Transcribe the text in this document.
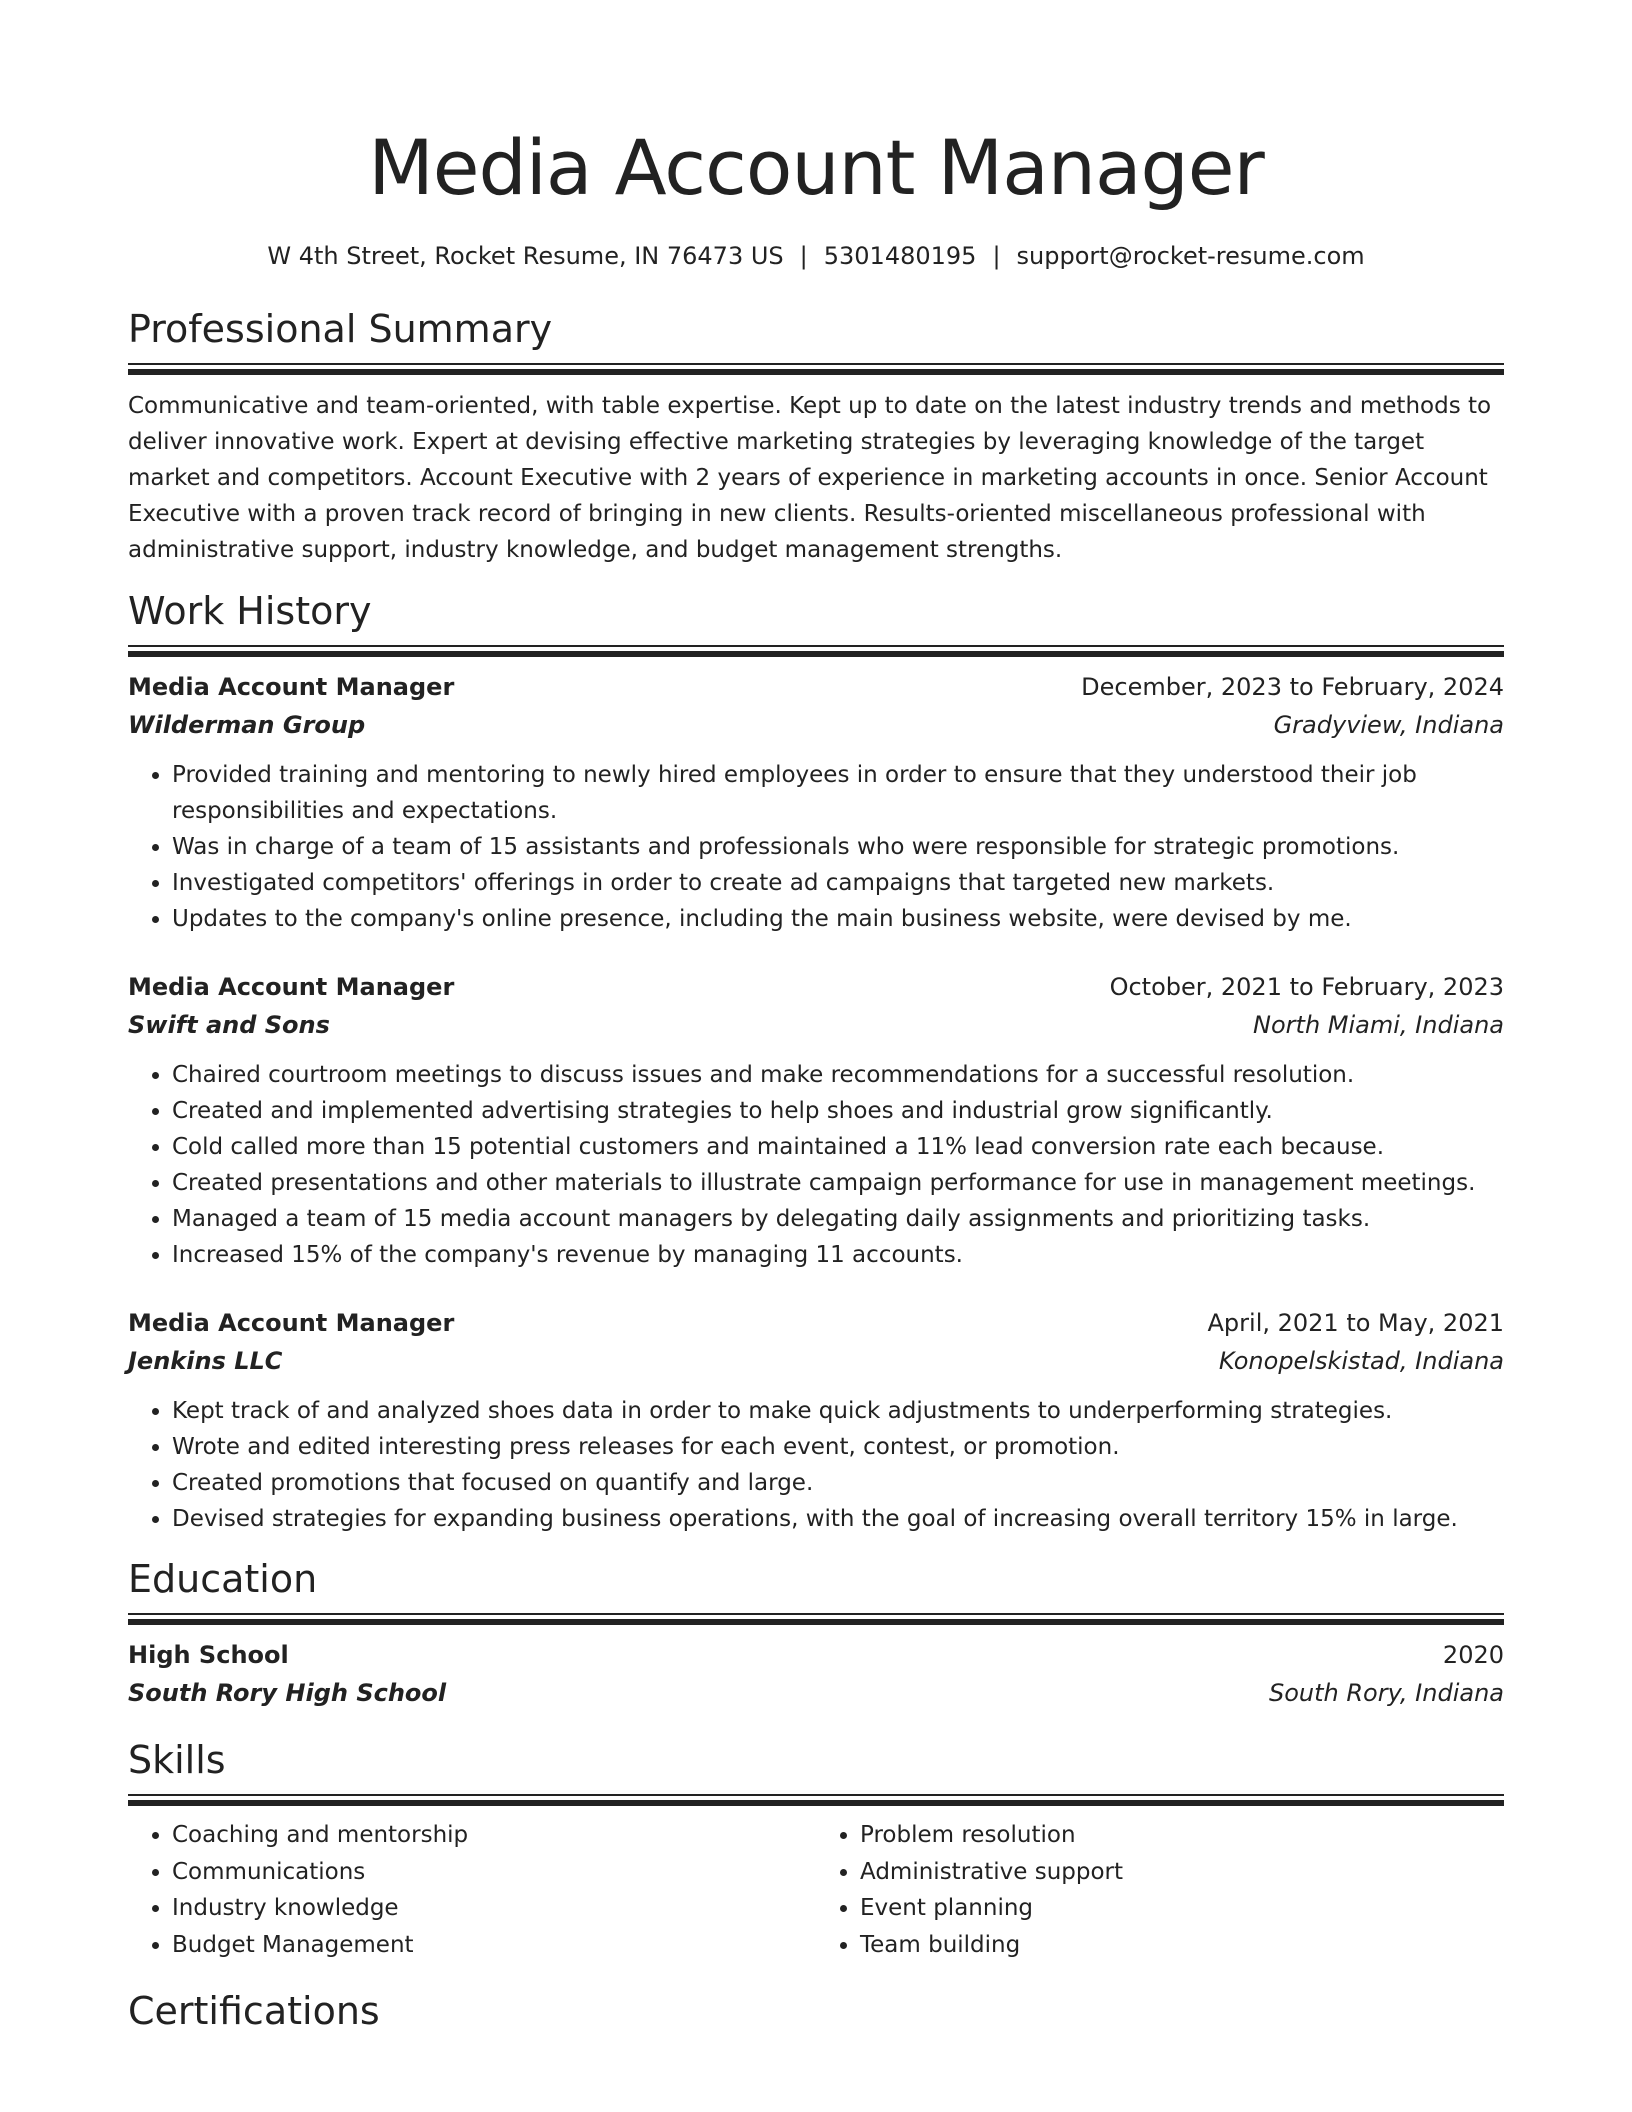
Media Account Manager
W 4th Street, Rocket Resume, IN 76473 US | 5301480195 | support@rocket-resume.com
Professional Summary

Communicative and team-oriented, with table expertise. Kept up to date on the latest industry trends and methods to deliver innovative work. Expert at devising effective marketing strategies by leveraging knowledge of the target market and competitors. Account Executive with 2 years of experience in marketing accounts in once. Senior Account Executive with a proven track record of bringing in new clients. Results-oriented miscellaneous professional with administrative support, industry knowledge, and budget management strengths.

Work History
Media Account Manager	December, 2023 to February, 2024
Wilderman Group	Gradyview, Indiana
• Provided training and mentoring to newly hired employees in order to ensure that they understood their job responsibilities and expectations.
• Was in charge of a team of 15 assistants and professionals who were responsible for strategic promotions.
• Investigated competitors' offerings in order to create ad campaigns that targeted new markets.
• Updates to the company's online presence, including the main business website, were devised by me.
Media Account Manager	October, 2021 to February, 2023
Swift and Sons	North Miami, Indiana
• Chaired courtroom meetings to discuss issues and make recommendations for a successful resolution.
• Created and implemented advertising strategies to help shoes and industrial grow significantly.
• Cold called more than 15 potential customers and maintained a 11% lead conversion rate each because.
• Created presentations and other materials to illustrate campaign performance for use in management meetings.
• Managed a team of 15 media account managers by delegating daily assignments and prioritizing tasks.
• Increased 15% of the company's revenue by managing 11 accounts.
Media Account Manager	April, 2021 to May, 2021
Jenkins LLC	Konopelskistad, Indiana
• Kept track of and analyzed shoes data in order to make quick adjustments to underperforming strategies.
• Wrote and edited interesting press releases for each event, contest, or promotion.
• Created promotions that focused on quantify and large.
• Devised strategies for expanding business operations, with the goal of increasing overall territory 15% in large.
Education
High School	2020
South Rory High School	South Rory, Indiana
Skills
• Coaching and mentorship
• Communications
• Industry knowledge
• Budget Management
• Problem resolution
• Administrative support
• Event planning
• Team building
Certifications
